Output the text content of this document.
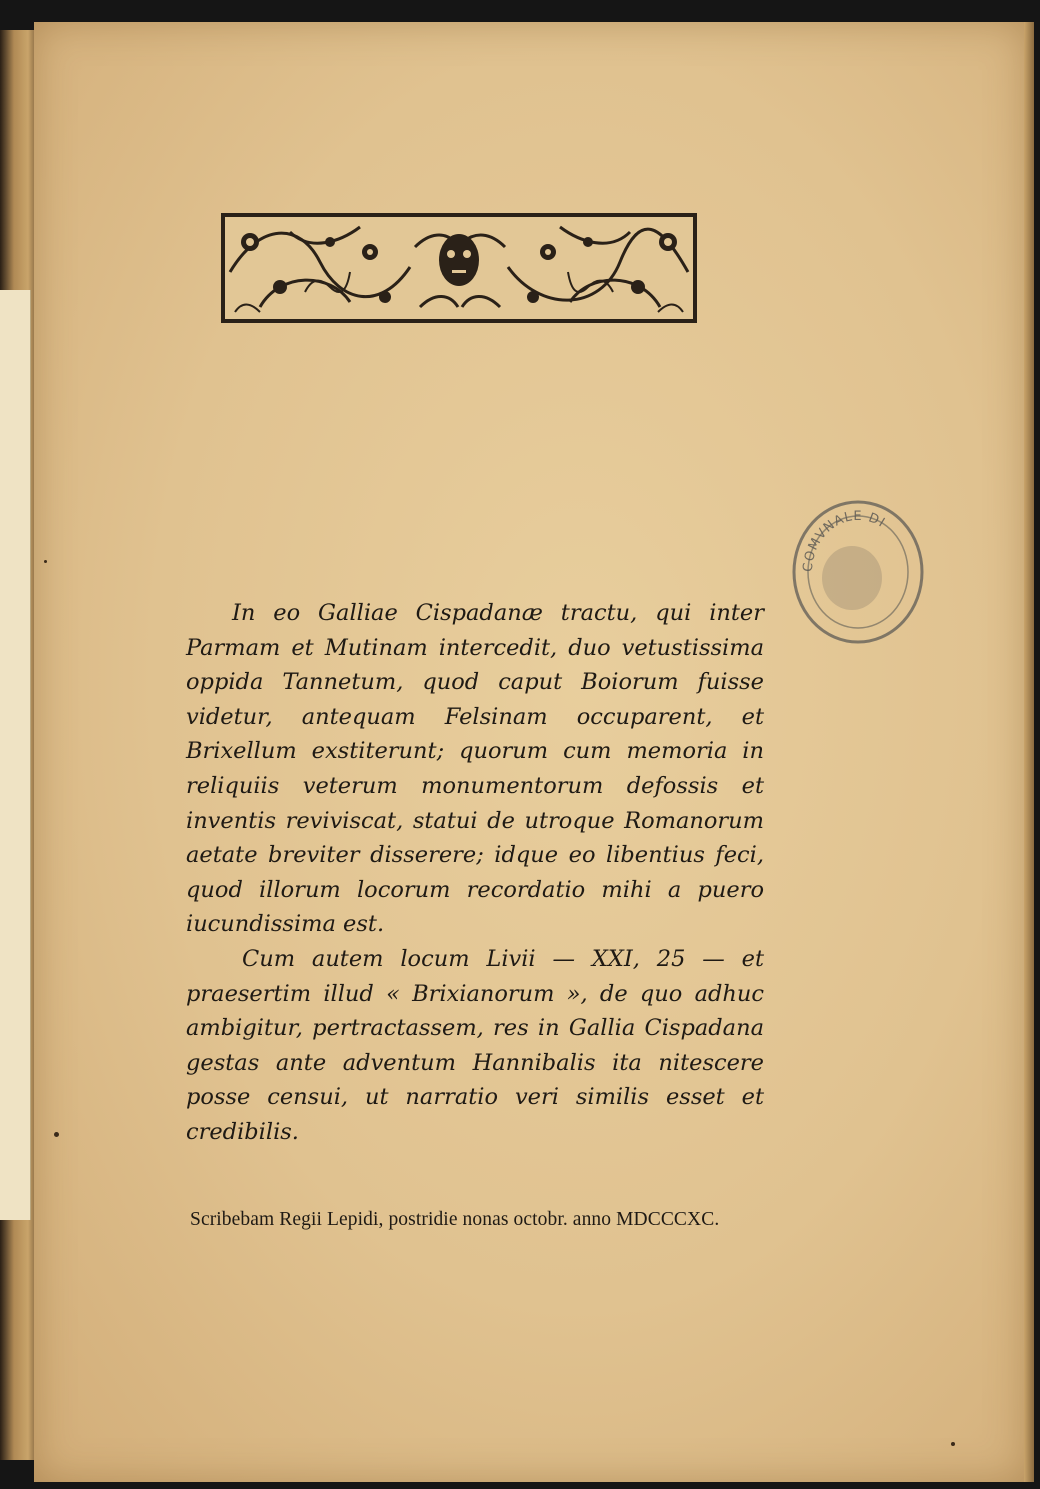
COMVNALE DI

In eo Galliae Cispadanæ tractu, qui inter Parmam et Mutinam intercedit, duo vetustissima oppida Tannetum, quod caput Boiorum fuisse videtur, antequam Felsinam occuparent, et Brixellum exstiterunt; quorum cum memoria in reliquiis veterum monumentorum defossis et inventis reviviscat, statui de utroque Romanorum aetate breviter disserere; idque eo libentius feci, quod illorum locorum recordatio mihi a puero iucundissima est.

Cum autem locum Livii — XXI, 25 — et praesertim illud « Brixianorum », de quo adhuc ambigitur, pertractassem, res in Gallia Cispadana gestas ante adventum Hannibalis ita nitescere posse censui, ut narratio veri similis esset et credibilis.

Scribebam Regii Lepidi, postridie nonas octobr. anno MDCCCXC.
